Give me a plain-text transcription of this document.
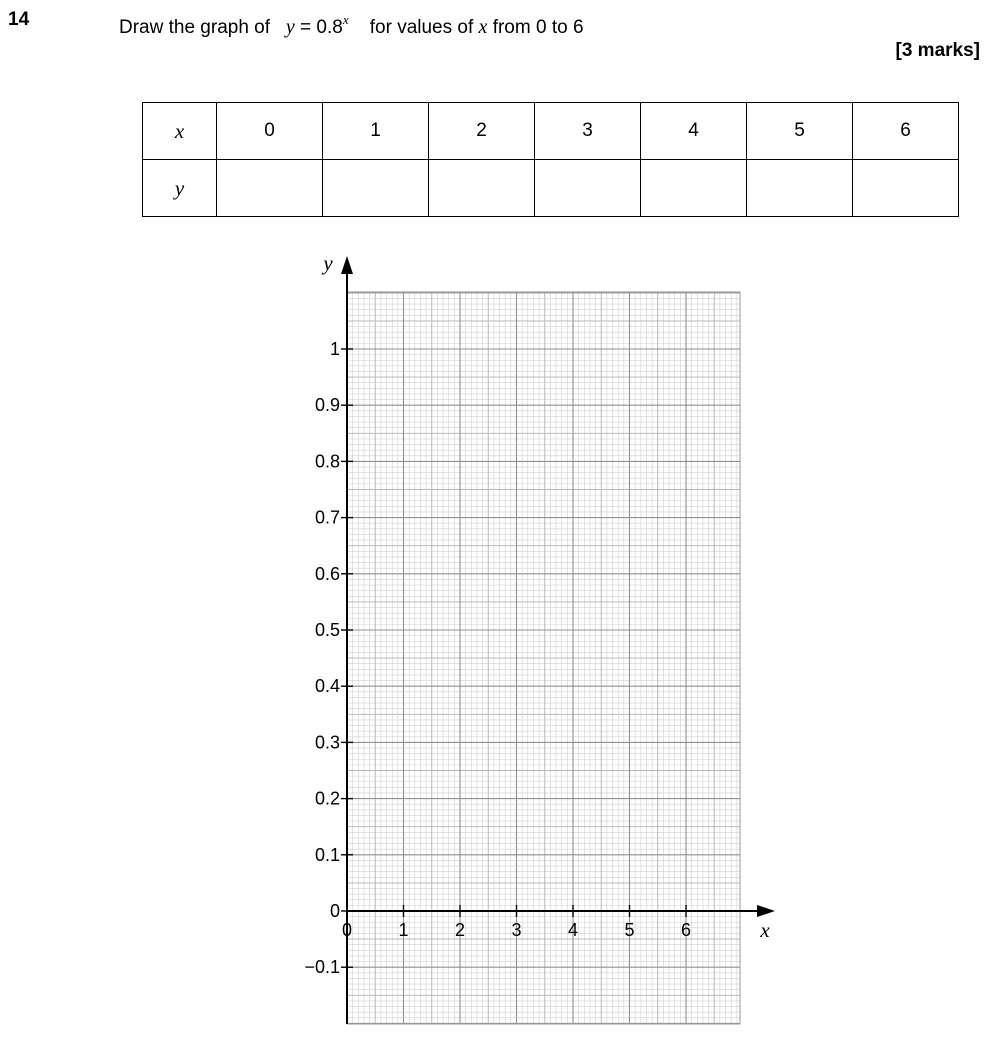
14	Draw the graph of $y = 0.8^x$ for values of x from 0 to 6
[3 marks]
x	0	1	2	3	4	5	6
y							
−0.1
0
0.1
0.2
0.3
0.4
0.5
0.6
0.7
0.8
0.9
1
0	1	2	3	4	5	6
y
x
